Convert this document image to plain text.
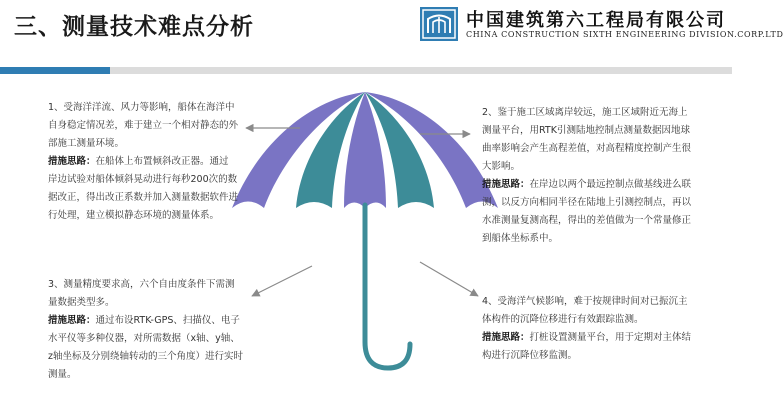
三、测量技术难点分析	中国建筑第六工程局有限公司
CHINA CONSTRUCTION SIXTH ENGINEERING DIVISION.CORP.LTD

1、受海洋洋流、风力等影响，船体在海洋中自身稳定情况差，难于建立一个相对静态的外部施工测量环境。

措施思路：在船体上布置倾斜改正器。通过岸边试验对船体倾斜晃动进行每秒200次的数据改正，得出改正系数并加入测量数据软件进行处理，建立模拟静态环境的测量体系。

2、鉴于施工区域离岸较远，施工区域附近无海上测量平台，用RTK引测陆地控制点测量数据因地球曲率影响会产生高程差值，对高程精度控制产生很大影响。

措施思路：在岸边以两个最远控制点做基线进么联测，以反方向相同半径在陆地上引测控制点，再以水准测量复测高程，得出的差值做为一个常量修正到船体坐标系中。

3、测量精度要求高，六个自由度条件下需测量数据类型多。

措施思路：通过布设RTK-GPS、扫描仪、电子水平仪等多种仪器，对所需数据（x轴、y轴、z轴坐标及分别绕轴转动的三个角度）进行实时测量。

4、受海洋气候影响，难于按规律时间对已振沉主体构件的沉降位移进行有效跟踪监测。

措施思路：打桩设置测量平台，用于定期对主体结构进行沉降位移监测。
